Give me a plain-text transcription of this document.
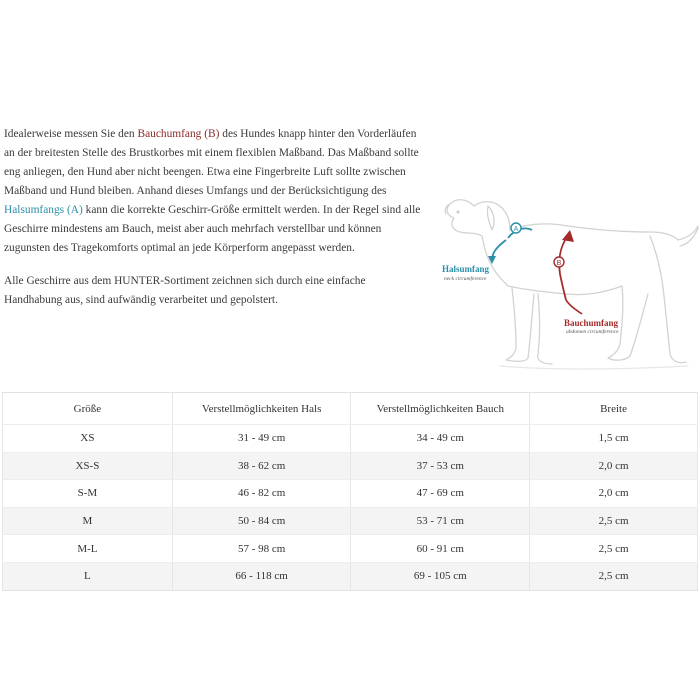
Idealerweise messen Sie den Bauchumfang (B) des Hundes knapp hinter den Vorderläufen an der breitesten Stelle des Brustkorbes mit einem flexiblen Maßband. Das Maßband sollte eng anliegen, den Hund aber nicht beengen. Etwa eine Fingerbreite Luft sollte zwischen Maßband und Hund bleiben. Anhand dieses Umfangs und der Berücksichtigung des Halsumfangs (A) kann die korrekte Geschirr-Größe ermittelt werden. In der Regel sind alle Geschirre mindestens am Bauch, meist aber auch mehrfach verstellbar und können zugunsten des Tragekomforts optimal an jede Körperform angepasst werden.

Alle Geschirre aus dem HUNTER-Sortiment zeichnen sich durch eine einfache Handhabung aus, sind aufwändig verarbeitet und gepolstert.

A
Halsumfang
neck circumference
B
Bauchumfang
abdomen circumference
Größe	Verstellmöglichkeiten Hals	Verstellmöglichkeiten Bauch	Breite
XS	31 - 49 cm	34 - 49 cm	1,5 cm
XS-S	38 - 62 cm	37 - 53 cm	2,0 cm
S-M	46 - 82 cm	47 - 69 cm	2,0 cm
M	50 - 84 cm	53 - 71 cm	2,5 cm
M-L	57 - 98 cm	60 - 91 cm	2,5 cm
L	66 - 118 cm	69 - 105 cm	2,5 cm
